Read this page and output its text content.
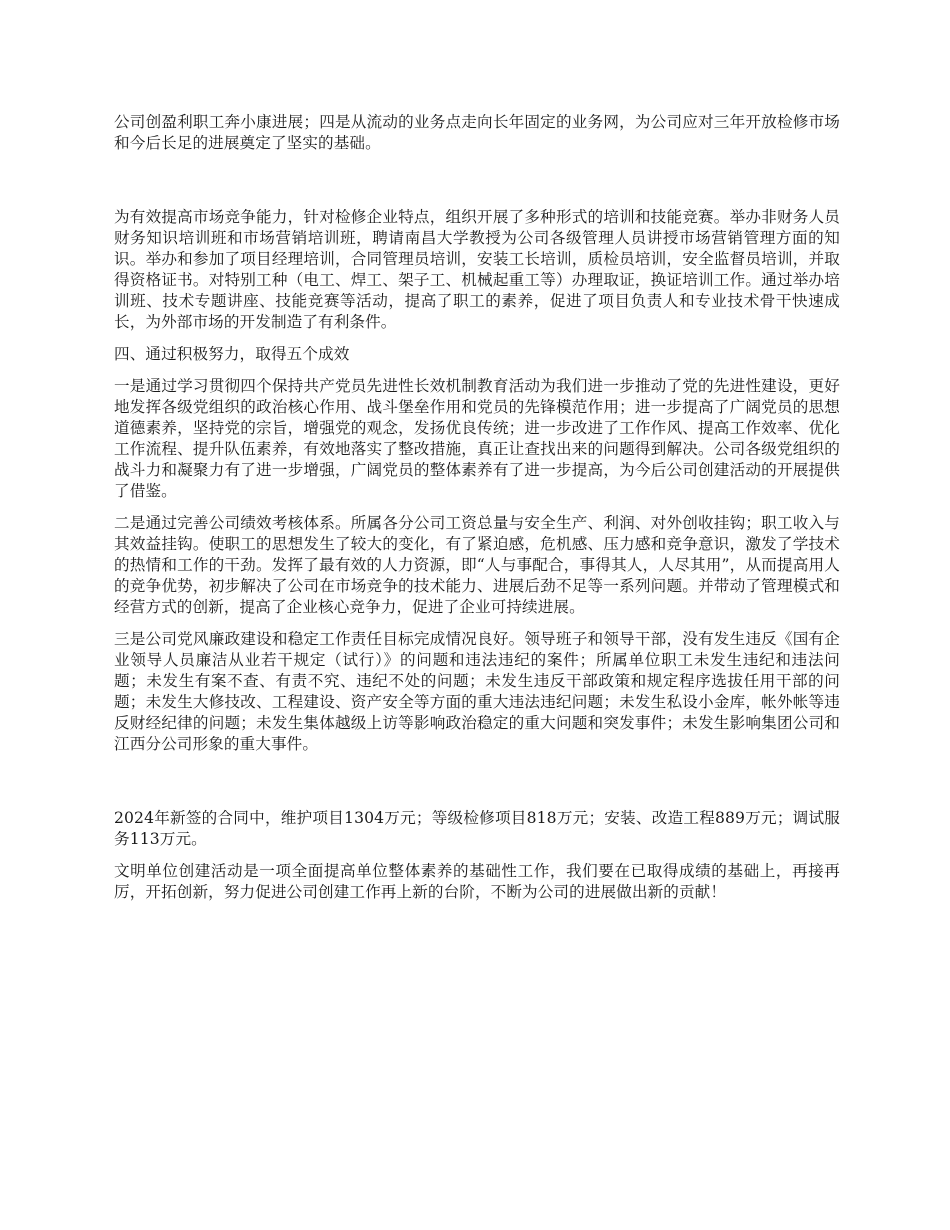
公司创盈利职工奔小康进展；四是从流动的业务点走向长年固定的业务网，为公司应对三年开放检修市场和今后长足的进展奠定了坚实的基础。

为有效提高市场竞争能力，针对检修企业特点，组织开展了多种形式的培训和技能竞赛。举办非财务人员财务知识培训班和市场营销培训班，聘请南昌大学教授为公司各级管理人员讲授市场营销管理方面的知识。举办和参加了项目经理培训，合同管理员培训，安装工长培训，质检员培训，安全监督员培训，并取得资格证书。对特别工种（电工、焊工、架子工、机械起重工等）办理取证，换证培训工作。通过举办培训班、技术专题讲座、技能竞赛等活动，提高了职工的素养，促进了项目负责人和专业技术骨干快速成长，为外部市场的开发制造了有利条件。

四、通过积极努力，取得五个成效

一是通过学习贯彻四个保持共产党员先进性长效机制教育活动为我们进一步推动了党的先进性建设，更好地发挥各级党组织的政治核心作用、战斗堡垒作用和党员的先锋模范作用；进一步提高了广阔党员的思想道德素养，坚持党的宗旨，增强党的观念，发扬优良传统；进一步改进了工作作风、提高工作效率、优化工作流程、提升队伍素养，有效地落实了整改措施，真正让查找出来的问题得到解决。公司各级党组织的战斗力和凝聚力有了进一步增强，广阔党员的整体素养有了进一步提高，为今后公司创建活动的开展提供了借鉴。

二是通过完善公司绩效考核体系。所属各分公司工资总量与安全生产、利润、对外创收挂钩；职工收入与其效益挂钩。使职工的思想发生了较大的变化，有了紧迫感，危机感、压力感和竞争意识，激发了学技术的热情和工作的干劲。发挥了最有效的人力资源，即“人与事配合，事得其人，人尽其用”，从而提高用人的竞争优势，初步解决了公司在市场竞争的技术能力、进展后劲不足等一系列问题。并带动了管理模式和经营方式的创新，提高了企业核心竞争力，促进了企业可持续进展。

三是公司党风廉政建设和稳定工作责任目标完成情况良好。领导班子和领导干部，没有发生违反《国有企业领导人员廉洁从业若干规定（试行）》的问题和违法违纪的案件；所属单位职工未发生违纪和违法问题；未发生有案不查、有责不究、违纪不处的问题；未发生违反干部政策和规定程序选拔任用干部的问题；未发生大修技改、工程建设、资产安全等方面的重大违法违纪问题；未发生私设小金库，帐外帐等违反财经纪律的问题；未发生集体越级上访等影响政治稳定的重大问题和突发事件；未发生影响集团公司和江西分公司形象的重大事件。

2024年新签的合同中，维护项目1304万元；等级检修项目818万元；安装、改造工程889万元；调试服务113万元。

文明单位创建活动是一项全面提高单位整体素养的基础性工作，我们要在已取得成绩的基础上，再接再厉，开拓创新，努力促进公司创建工作再上新的台阶，不断为公司的进展做出新的贡献！
